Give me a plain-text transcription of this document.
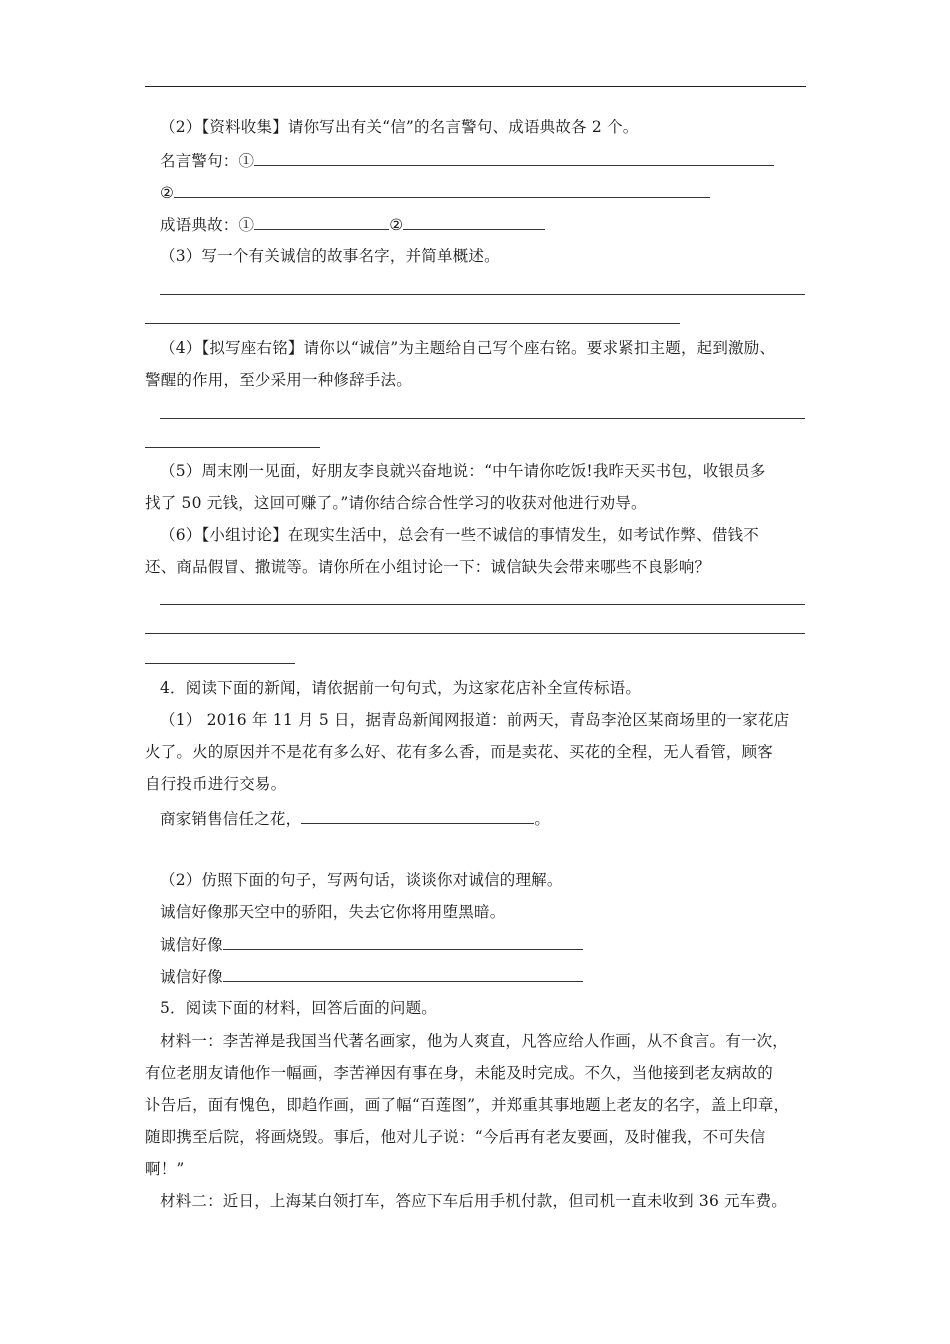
（2）【资料收集】请你写出有关“信”的名言警句、成语典故各 2 个。
名言警句：①
②
成语典故：①	②
（3）写一个有关诚信的故事名字，并简单概述。
（4）【拟写座右铭】请你以“诚信”为主题给自己写个座右铭。要求紧扣主题，起到激励、
警醒的作用，至少采用一种修辞手法。
（5）周末刚一见面，好朋友李良就兴奋地说：“中午请你吃饭!我昨天买书包，收银员多
找了 50 元钱，这回可赚了。”请你结合综合性学习的收获对他进行劝导。
（6）【小组讨论】在现实生活中，总会有一些不诚信的事情发生，如考试作弊、借钱不
还、商品假冒、撒谎等。请你所在小组讨论一下：诚信缺失会带来哪些不良影响？
4．阅读下面的新闻，请依据前一句句式，为这家花店补全宣传标语。
（1） 2016 年 11 月 5 日，据青岛新闻网报道：前两天，青岛李沧区某商场里的一家花店
火了。火的原因并不是花有多么好、花有多么香，而是卖花、买花的全程，无人看管，顾客
自行投币进行交易。
商家销售信任之花，	。
（2）仿照下面的句子，写两句话，谈谈你对诚信的理解。
诚信好像那天空中的骄阳，失去它你将用堕黑暗。
诚信好像
诚信好像
5．阅读下面的材料，回答后面的问题。
材料一：李苦禅是我国当代著名画家，他为人爽直，凡答应给人作画，从不食言。有一次，
有位老朋友请他作一幅画，李苦禅因有事在身，未能及时完成。不久，当他接到老友病故的
讣告后，面有愧色，即趋作画，画了幅“百莲图”，并郑重其事地题上老友的名字，盖上印章，
随即携至后院，将画烧毁。事后，他对儿子说：“今后再有老友要画，及时催我，不可失信
啊！”
材料二：近日，上海某白领打车，答应下车后用手机付款，但司机一直未收到 36 元车费。
